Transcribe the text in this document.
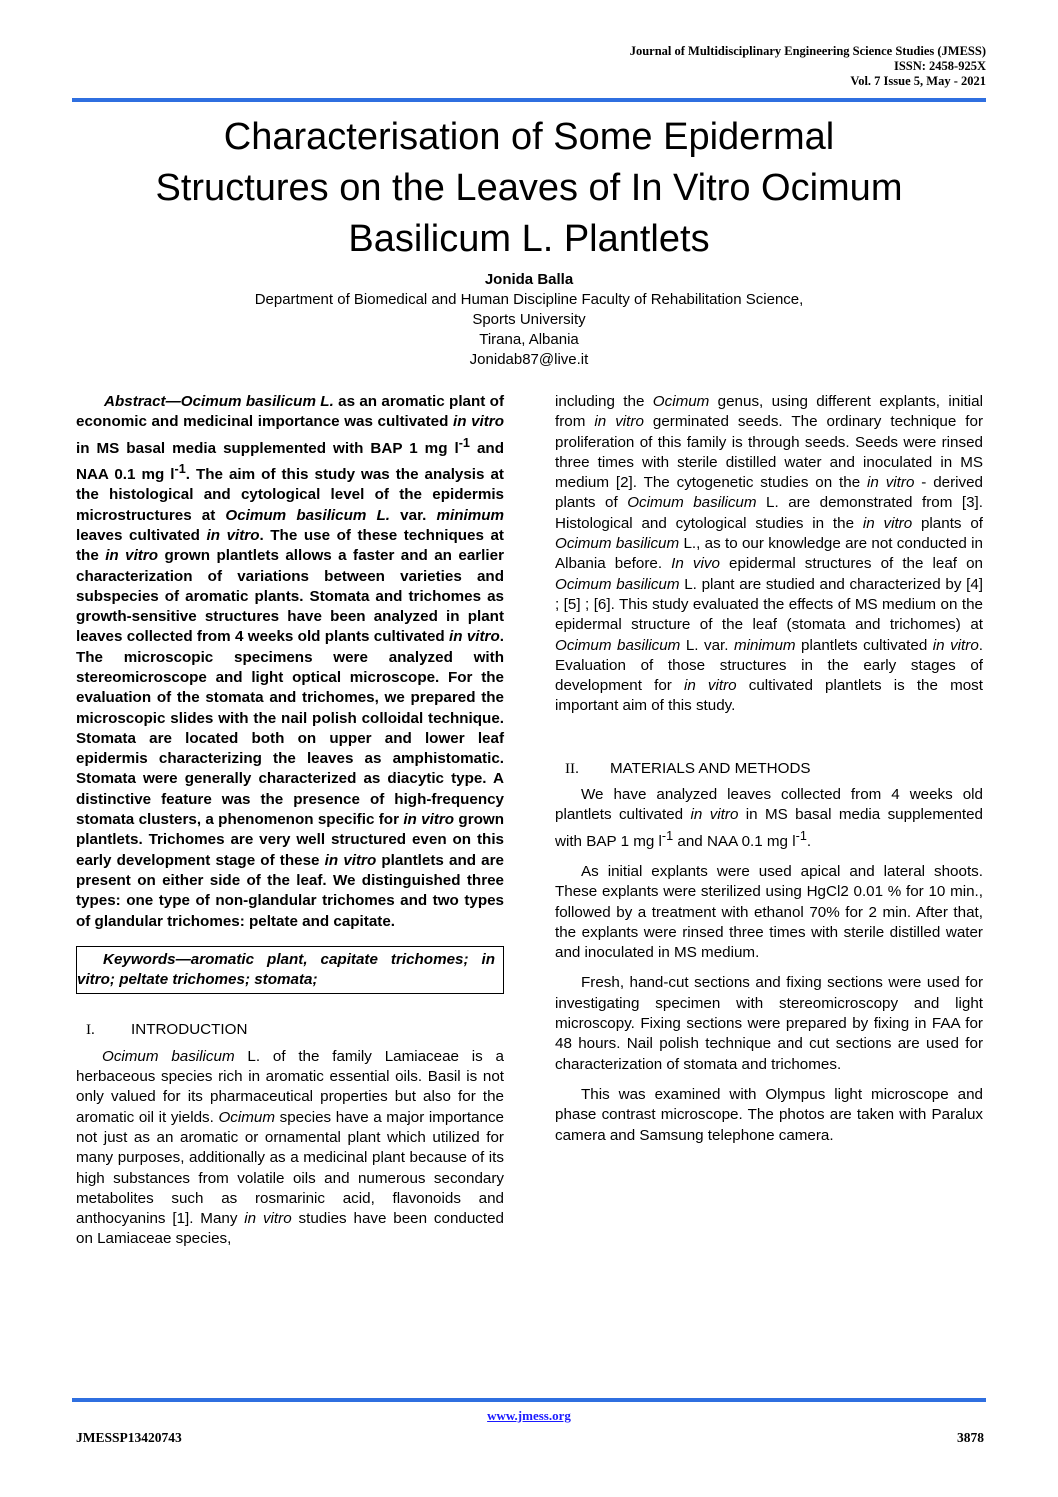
Journal of Multidisciplinary Engineering Science Studies (JMESS)
ISSN: 2458-925X
Vol. 7 Issue 5, May - 2021
Characterisation of Some Epidermal
Structures on the Leaves of In Vitro Ocimum
Basilicum L. Plantlets
Jonida Balla
Department of Biomedical and Human Discipline Faculty of Rehabilitation Science,
Sports University
Tirana, Albania
Jonidab87@live.it
Abstract—Ocimum basilicum L. as an aromatic plant of economic and medicinal importance was cultivated in vitro in MS basal media supplemented with BAP 1 mg $l^{-1}$ and NAA 0.1 mg $l^{-1}$. The aim of this study was the analysis at the histological and cytological level of the epidermis microstructures at Ocimum basilicum L. var. minimum leaves cultivated in vitro. The use of these techniques at the in vitro grown plantlets allows a faster and an earlier characterization of variations between varieties and subspecies of aromatic plants. Stomata and trichomes as growth-sensitive structures have been analyzed in plant leaves collected from 4 weeks old plants cultivated in vitro. The microscopic specimens were analyzed with stereomicroscope and light optical microscope. For the evaluation of the stomata and trichomes, we prepared the microscopic slides with the nail polish colloidal technique. Stomata are located both on upper and lower leaf epidermis characterizing the leaves as amphistomatic. Stomata were generally characterized as diacytic type. A distinctive feature was the presence of high-frequency stomata clusters, a phenomenon specific for in vitro grown plantlets. Trichomes are very well structured even on this early development stage of these in vitro plantlets and are present on either side of the leaf. We distinguished three types: one type of non-glandular trichomes and two types of glandular trichomes: peltate and capitate.
Keywords—aromatic plant, capitate trichomes; in vitro; peltate trichomes; stomata;
I.	INTRODUCTION

Ocimum basilicum L. of the family Lamiaceae is a herbaceous species rich in aromatic essential oils. Basil is not only valued for its pharmaceutical properties but also for the aromatic oil it yields. Ocimum species have a major importance not just as an aromatic or ornamental plant which utilized for many purposes, additionally as a medicinal plant because of its high substances from volatile oils and numerous secondary metabolites such as rosmarinic acid, flavonoids and anthocyanins [1]. Many in vitro studies have been conducted on Lamiaceae species,

including the Ocimum genus, using different explants, initial from in vitro germinated seeds. The ordinary technique for proliferation of this family is through seeds. Seeds were rinsed three times with sterile distilled water and inoculated in MS medium [2]. The cytogenetic studies on the in vitro - derived plants of Ocimum basilicum L. are demonstrated from [3]. Histological and cytological studies in the in vitro plants of Ocimum basilicum L., as to our knowledge are not conducted in Albania before. In vivo epidermal structures of the leaf on Ocimum basilicum L. plant are studied and characterized by [4] ; [5] ; [6]. This study evaluated the effects of MS medium on the epidermal structure of the leaf (stomata and trichomes) at Ocimum basilicum L. var. minimum plantlets cultivated in vitro. Evaluation of those structures in the early stages of development for in vitro cultivated plantlets is the most important aim of this study.

II.	MATERIALS AND METHODS

We have analyzed leaves collected from 4 weeks old plantlets cultivated in vitro in MS basal media supplemented with BAP 1 mg $l^{-1}$ and NAA 0.1 mg $l^{-1}$.

As initial explants were used apical and lateral shoots. These explants were sterilized using HgCl2 0.01 % for 10 min., followed by a treatment with ethanol 70% for 2 min. After that, the explants were rinsed three times with sterile distilled water and inoculated in MS medium.

Fresh, hand-cut sections and fixing sections were used for investigating specimen with stereomicroscopy and light microscopy. Fixing sections were prepared by fixing in FAA for 48 hours. Nail polish technique and cut sections are used for characterization of stomata and trichomes.

This was examined with Olympus light microscope and phase contrast microscope. The photos are taken with Paralux camera and Samsung telephone camera.

www.jmess.org
JMESSP13420743	3878
